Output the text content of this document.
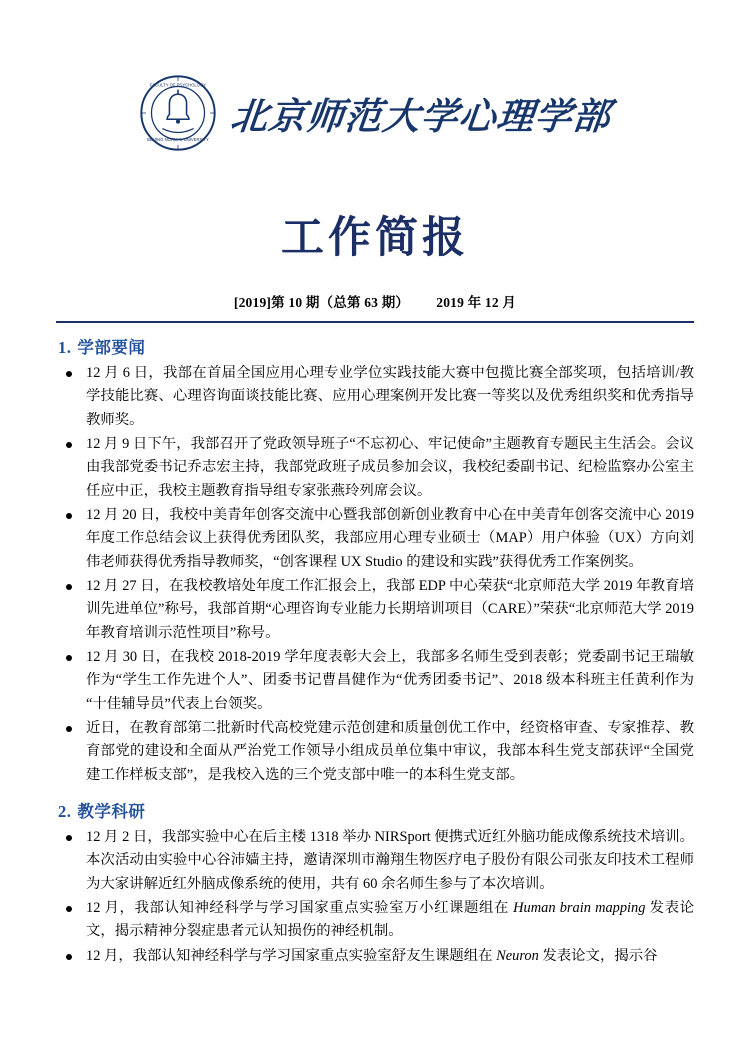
FACULTY OF PSYCHOLOGY
BEIJING NORMAL UNIVERSITY
北京师范大学心理学部
工作简报
[2019]第 10 期（总第 63 期） 2019 年 12 月
1. 学部要闻
12 月 6 日，我部在首届全国应用心理专业学位实践技能大赛中包揽比赛全部奖项，包括培训/教学技能比赛、心理咨询面谈技能比赛、应用心理案例开发比赛一等奖以及优秀组织奖和优秀指导教师奖。
12 月 9 日下午，我部召开了党政领导班子“不忘初心、牢记使命”主题教育专题民主生活会。会议由我部党委书记乔志宏主持，我部党政班子成员参加会议，我校纪委副书记、纪检监察办公室主任应中正，我校主题教育指导组专家张燕玲列席会议。
12 月 20 日，我校中美青年创客交流中心暨我部创新创业教育中心在中美青年创客交流中心 2019 年度工作总结会议上获得优秀团队奖，我部应用心理专业硕士（MAP）用户体验（UX）方向刘伟老师获得优秀指导教师奖，“创客课程 UX Studio 的建设和实践”获得优秀工作案例奖。
12 月 27 日，在我校教培处年度工作汇报会上，我部 EDP 中心荣获“北京师范大学 2019 年教育培训先进单位”称号，我部首期“心理咨询专业能力长期培训项目（CARE）”荣获“北京师范大学 2019 年教育培训示范性项目”称号。
12 月 30 日，在我校 2018-2019 学年度表彰大会上，我部多名师生受到表彰；党委副书记王瑞敏作为“学生工作先进个人”、团委书记曹昌健作为“优秀团委书记”、2018 级本科班主任黄利作为“十佳辅导员”代表上台领奖。
近日，在教育部第二批新时代高校党建示范创建和质量创优工作中，经资格审查、专家推荐、教育部党的建设和全面从严治党工作领导小组成员单位集中审议，我部本科生党支部获评“全国党建工作样板支部”，是我校入选的三个党支部中唯一的本科生党支部。
2. 教学科研
12 月 2 日，我部实验中心在后主楼 1318 举办 NIRSport 便携式近红外脑功能成像系统技术培训。本次活动由实验中心谷沛嫱主持，邀请深圳市瀚翔生物医疗电子股份有限公司张友印技术工程师为大家讲解近红外脑成像系统的使用，共有 60 余名师生参与了本次培训。
12 月，我部认知神经科学与学习国家重点实验室万小红课题组在 Human brain mapping 发表论文，揭示精神分裂症患者元认知损伤的神经机制。
12 月，我部认知神经科学与学习国家重点实验室舒友生课题组在 Neuron 发表论文，揭示谷
